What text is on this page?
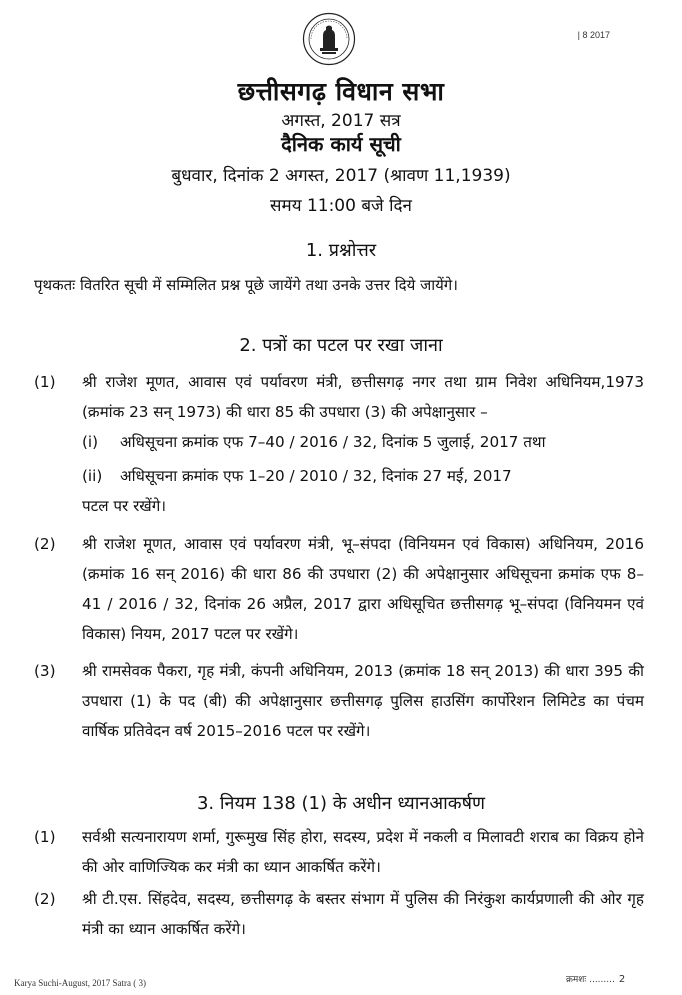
| 8 2017
छत्तीसगढ़ विधान सभा
अगस्त, 2017 सत्र
दैनिक कार्य सूची
बुधवार, दिनांक 2 अगस्त, 2017 (श्रावण 11,1939)
समय 11:00 बजे दिन
1. प्रश्नोत्तर
पृथकतः वितरित सूची में सम्मिलित प्रश्न पूछे जायेंगे तथा उनके उत्तर दिये जायेंगे।
2. पत्रों का पटल पर रखा जाना
(1) श्री राजेश मूणत, आवास एवं पर्यावरण मंत्री, छत्तीसगढ़ नगर तथा ग्राम निवेश अधिनियम,1973 (क्रमांक 23 सन् 1973) की धारा 85 की उपधारा (3) की अपेक्षानुसार –
(i) अधिसूचना क्रमांक एफ 7–40 / 2016 / 32, दिनांक 5 जुलाई, 2017 तथा
(ii) अधिसूचना क्रमांक एफ 1–20 / 2010 / 32, दिनांक 27 मई, 2017
पटल पर रखेंगे।
(2) श्री राजेश मूणत, आवास एवं पर्यावरण मंत्री, भू–संपदा (विनियमन एवं विकास) अधिनियम, 2016 (क्रमांक 16 सन् 2016) की धारा 86 की उपधारा (2) की अपेक्षानुसार अधिसूचना क्रमांक एफ 8–41 / 2016 / 32, दिनांक 26 अप्रैल, 2017 द्वारा अधिसूचित छत्तीसगढ़ भू–संपदा (विनियमन एवं विकास) नियम, 2017 पटल पर रखेंगे।
(3) श्री रामसेवक पैकरा, गृह मंत्री, कंपनी अधिनियम, 2013 (क्रमांक 18 सन् 2013) की धारा 395 की उपधारा (1) के पद (बी) की अपेक्षानुसार छत्तीसगढ़ पुलिस हाउसिंग कार्पोरेशन लिमिटेड का पंचम वार्षिक प्रतिवेदन वर्ष 2015–2016 पटल पर रखेंगे।
3. नियम 138 (1) के अधीन ध्यानआकर्षण
(1) सर्वश्री सत्यनारायण शर्मा, गुरूमुख सिंह होरा, सदस्य, प्रदेश में नकली व मिलावटी शराब का विक्रय होने की ओर वाणिज्यिक कर मंत्री का ध्यान आकर्षित करेंगे।
(2) श्री टी.एस. सिंहदेव, सदस्य, छत्तीसगढ़ के बस्तर संभाग में पुलिस की निरंकुश कार्यप्रणाली की ओर गृह मंत्री का ध्यान आकर्षित करेंगे।
Karya Suchi-August, 2017 Satra ( 3)	क्रमशः ......... 2
